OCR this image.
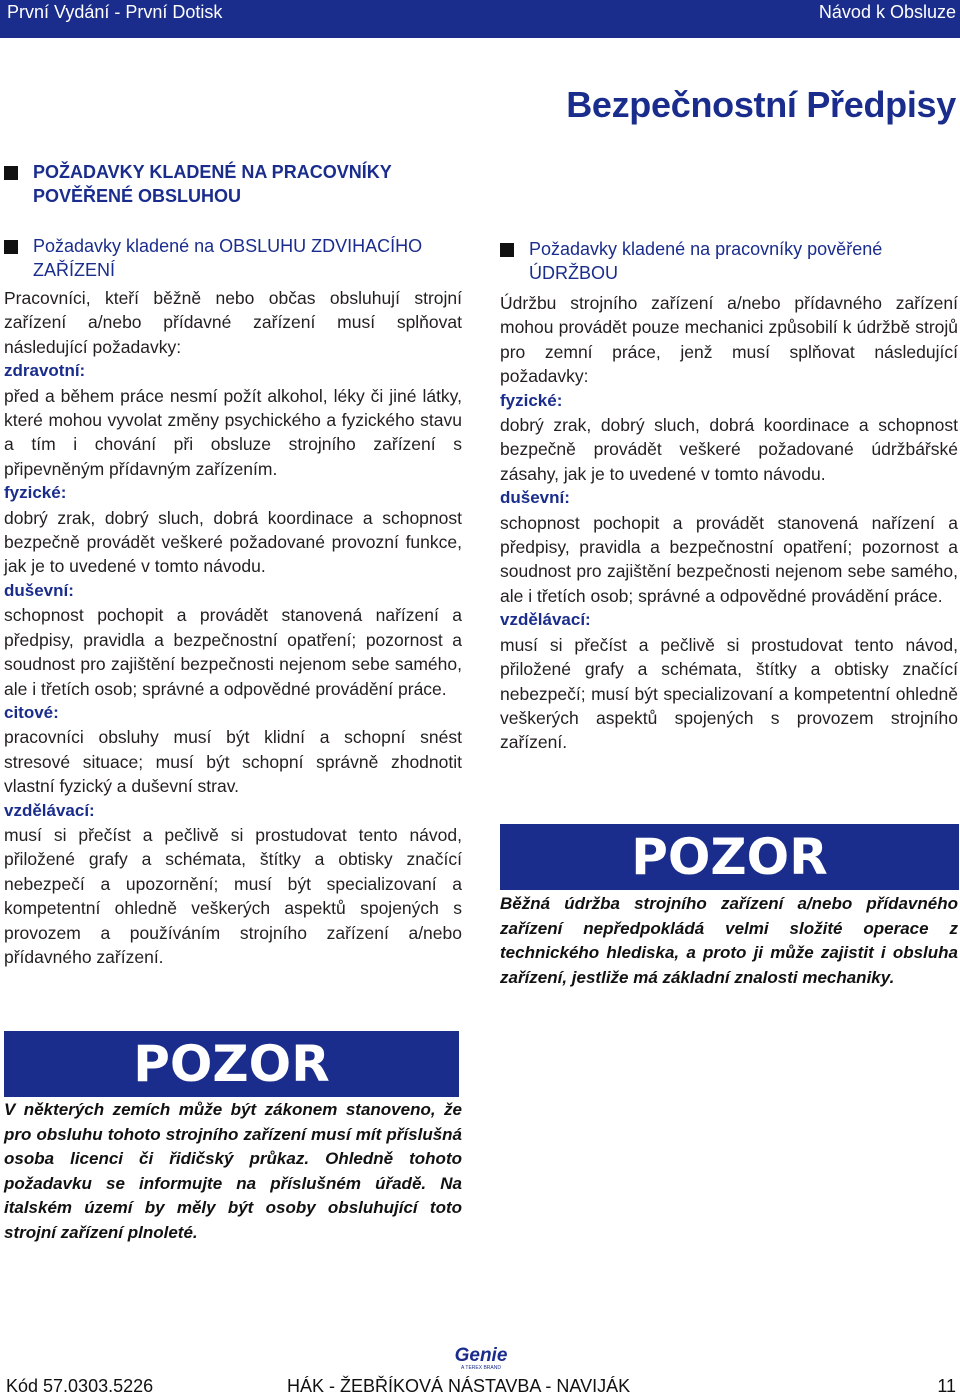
První Vydání - První Dotisk	Návod k Obsluze
Bezpečnostní Předpisy
POŽADAVKY KLADENÉ NA PRACOVNÍKY POVĚŘENÉ OBSLUHOU
Požadavky kladené na OBSLUHU ZDVIHACÍHO ZAŘÍZENÍ

Pracovníci, kteří běžně nebo občas obsluhují strojní zařízení a/nebo přídavné zařízení musí splňovat následující požadavky:

zdravotní:

před a během práce nesmí požít alkohol, léky či jiné látky, které mohou vyvolat změny psychického a fyzického stavu a tím i chování při obsluze strojního zařízení s připevněným přídavným zařízením.

fyzické:

dobrý zrak, dobrý sluch, dobrá koordinace a schopnost bezpečně provádět veškeré požadované provozní funkce, jak je to uvedené v tomto návodu.

duševní:

schopnost pochopit a provádět stanovená nařízení a předpisy, pravidla a bezpečnostní opatření; pozornost a soudnost pro zajištění bezpečnosti nejenom sebe samého, ale i třetích osob; správné a odpovědné provádění práce.

citové:

pracovníci obsluhy musí být klidní a schopní snést stresové situace; musí být schopní správně zhodnotit vlastní fyzický a duševní strav.

vzdělávací:

musí si přečíst a pečlivě si prostudovat tento návod, přiložené grafy a schémata, štítky a obtisky značící nebezpečí a upozornění; musí být specializovaní a kompetentní ohledně veškerých aspektů spojených s provozem a používáním strojního zařízení a/nebo přídavného zařízení.

POZOR

V některých zemích může být zákonem stanoveno, že pro obsluhu tohoto strojního zařízení musí mít příslušná osoba licenci či řidičský průkaz. Ohledně tohoto požadavku se informujte na příslušném úřadě. Na italském území by měly být osoby obsluhující toto strojní zařízení plnoleté.

Požadavky kladené na pracovníky pověřené ÚDRŽBOU

Údržbu strojního zařízení a/nebo přídavného zařízení mohou provádět pouze mechanici způsobilí k údržbě strojů pro zemní práce, jenž musí splňovat následující požadavky:

fyzické:

dobrý zrak, dobrý sluch, dobrá koordinace a schopnost bezpečně provádět veškeré požadované údržbářské zásahy, jak je to uvedené v tomto návodu.

duševní:

schopnost pochopit a provádět stanovená nařízení a předpisy, pravidla a bezpečnostní opatření; pozornost a soudnost pro zajištění bezpečnosti nejenom sebe samého, ale i třetích osob; správné a odpovědné provádění práce.

vzdělávací:

musí si přečíst a pečlivě si prostudovat tento návod, přiložené grafy a schémata, štítky a obtisky značící nebezpečí; musí být specializovaní a kompetentní ohledně veškerých aspektů spojených s provozem strojního zařízení.

POZOR

Běžná údržba strojního zařízení a/nebo přídavného zařízení nepředpokládá velmi složité operace z technického hlediska, a proto ji může zajistit i obsluha zařízení, jestliže má základní znalosti mechaniky.

Genie
A TEREX BRAND
Kód 57.0303.5226	HÁK - ŽEBŘÍKOVÁ NÁSTAVBA - NAVIJÁK	11
